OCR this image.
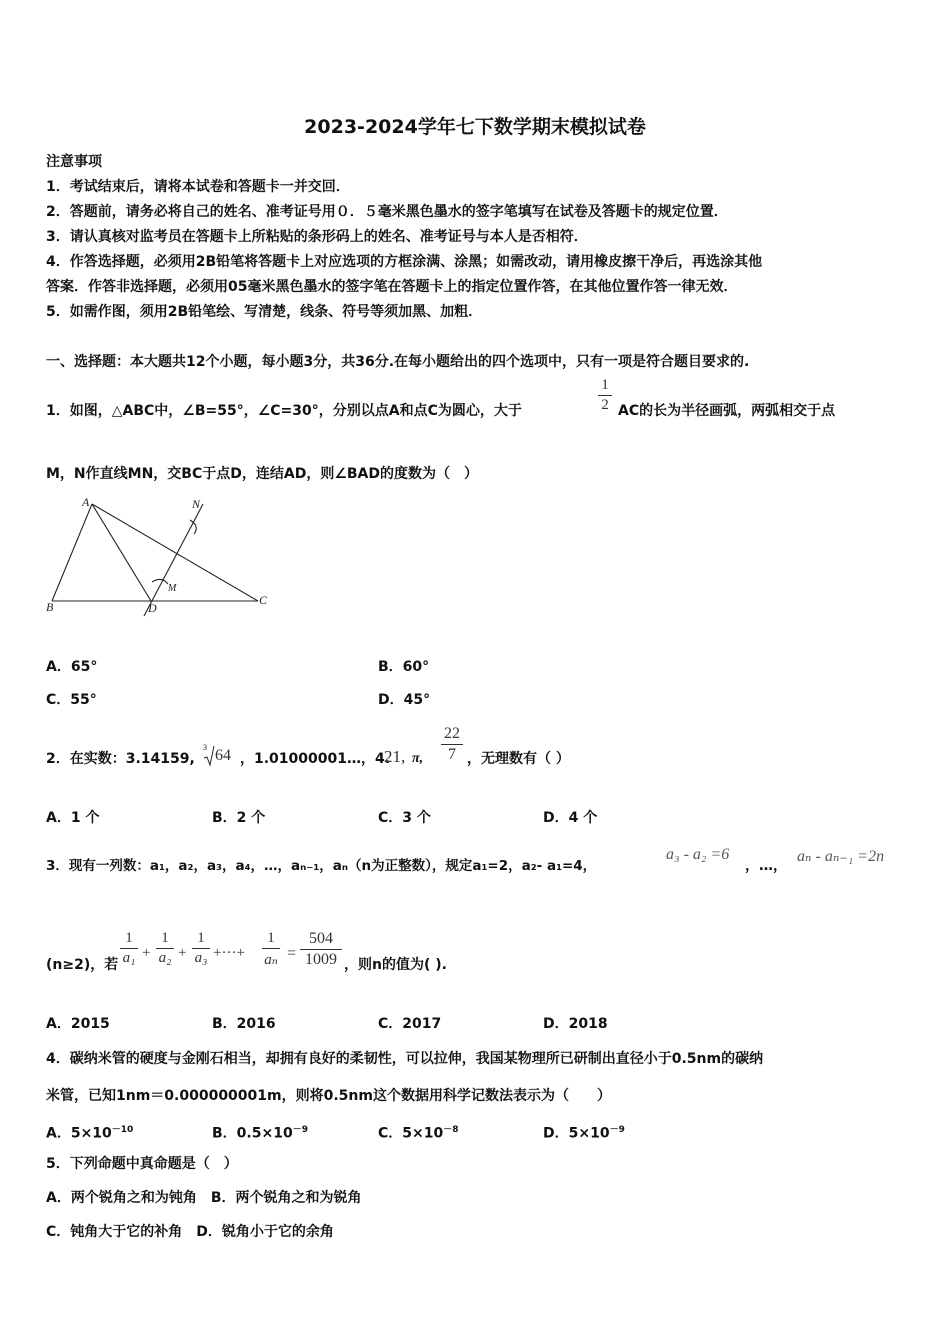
2023-2024学年七下数学期末模拟试卷
注意事项
1．考试结束后，请将本试卷和答题卡一并交回．
2．答题前，请务必将自己的姓名、准考证号用０．５毫米黑色墨水的签字笔填写在试卷及答题卡的规定位置．
3．请认真核对监考员在答题卡上所粘贴的条形码上的姓名、准考证号与本人是否相符．
4．作答选择题，必须用2B铅笔将答题卡上对应选项的方框涂满、涂黑；如需改动，请用橡皮擦干净后，再选涂其他
答案．作答非选择题，必须用05毫米黑色墨水的签字笔在答题卡上的指定位置作答，在其他位置作答一律无效．
5．如需作图，须用2B铅笔绘、写清楚，线条、符号等须加黑、加粗．
一、选择题：本大题共12个小题，每小题3分，共36分.在每小题给出的四个选项中，只有一项是符合题目要求的.
1．如图，△ABC中，∠B=55°，∠C=30°，分别以点A和点C为圆心，大于
1
2 AC的长为半径画弧，两弧相交于点
M，N作直线MN，交BC于点D，连结AD，则∠BAD的度数为（　）
A
B	C
D
M
N
A．65°	B．60°
C．55°	D．45°
2．在实数：3.14159,
3 64 ，1.01000001…，4.
21, π,
22
7 ，无理数有（ ）
A．1 个	B．2 个	C．3 个	D．4 个
3．现有一列数：a₁，a₂，a₃，a₄，…，aₙ₋₁，aₙ（n为正整数），规定a₁=2，a₂- a₁=4，
a₃ - a₂ =6
，…，
aₙ - aₙ₋₁ =2n
(n≥2)，若
1
a₁ +
1
a₂ +
1
a₃ +···+
1
aₙ =
504
1009 ，则n的值为( ).
A．2015	B．2016	C．2017	D．2018
4．碳纳米管的硬度与金刚石相当，却拥有良好的柔韧性，可以拉伸，我国某物理所已研制出直径小于0.5nm的碳纳
米管，已知1nm＝0.000000001m，则将0.5nm这个数据用科学记数法表示为（　　）
A．$5\times 10^{-10}$	B．$0.5\times 10^{-9}$	C．$5\times 10^{-8}$	D．$5\times 10^{-9}$
5．下列命题中真命题是（　）
A．两个锐角之和为钝角　B．两个锐角之和为锐角
C．钝角大于它的补角　D．锐角小于它的余角
